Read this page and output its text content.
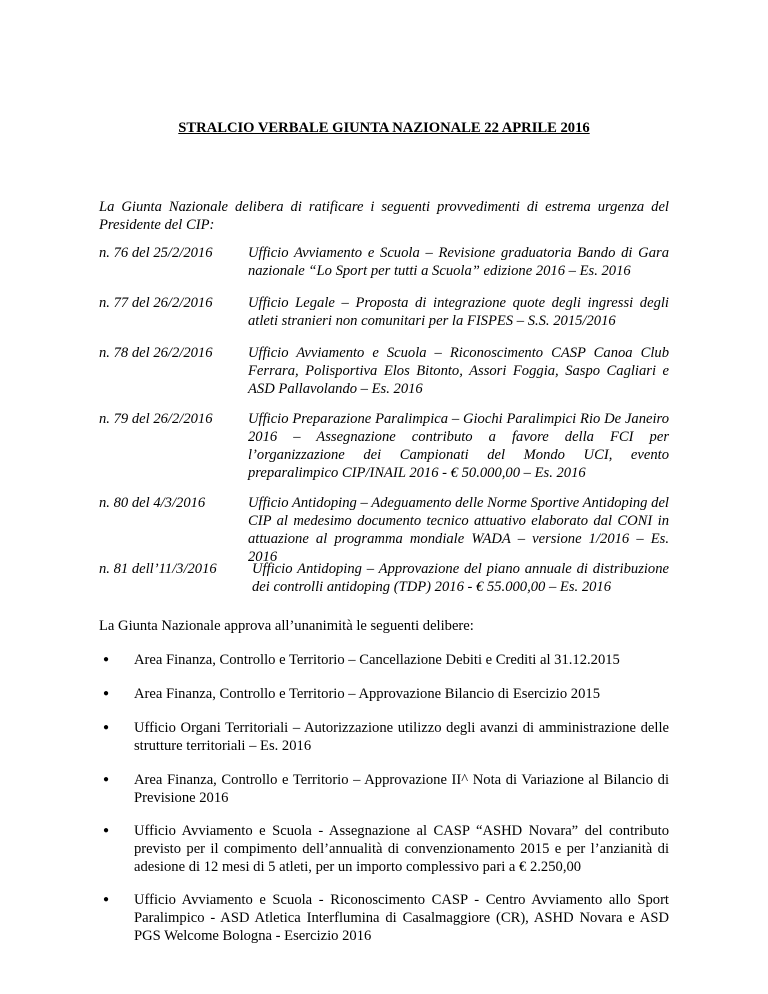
STRALCIO VERBALE GIUNTA NAZIONALE 22 APRILE 2016
La Giunta Nazionale delibera di ratificare i seguenti provvedimenti di estrema urgenza del Presidente del CIP:
n. 76 del 25/2/2016 Ufficio Avviamento e Scuola – Revisione graduatoria Bando di Gara nazionale “Lo Sport per tutti a Scuola” edizione 2016 – Es. 2016
n. 77 del 26/2/2016 Ufficio Legale – Proposta di integrazione quote degli ingressi degli atleti stranieri non comunitari per la FISPES – S.S. 2015/2016
n. 78 del 26/2/2016 Ufficio Avviamento e Scuola – Riconoscimento CASP Canoa Club Ferrara, Polisportiva Elos Bitonto, Assori Foggia, Saspo Cagliari e ASD Pallavolando – Es. 2016
n. 79 del 26/2/2016 Ufficio Preparazione Paralimpica – Giochi Paralimpici Rio De Janeiro 2016 – Assegnazione contributo a favore della FCI per l’organizzazione dei Campionati del Mondo UCI, evento preparalimpico CIP/INAIL 2016 - € 50.000,00 – Es. 2016
n. 80 del 4/3/2016	Ufficio Antidoping – Adeguamento delle Norme Sportive Antidoping del CIP al medesimo documento tecnico attuativo elaborato dal CONI in attuazione al programma mondiale WADA – versione 1/2016 – Es. 2016
n. 81 dell’11/3/2016 Ufficio Antidoping – Approvazione del piano annuale di distribuzione dei controlli antidoping (TDP) 2016 - € 55.000,00 – Es. 2016
La Giunta Nazionale approva all’unanimità le seguenti delibere:
● Area Finanza, Controllo e Territorio – Cancellazione Debiti e Crediti al 31.12.2015
● Area Finanza, Controllo e Territorio – Approvazione Bilancio di Esercizio 2015
● Ufficio Organi Territoriali – Autorizzazione utilizzo degli avanzi di amministrazione delle strutture territoriali – Es. 2016
● Area Finanza, Controllo e Territorio – Approvazione II^ Nota di Variazione al Bilancio di Previsione 2016
● Ufficio Avviamento e Scuola - Assegnazione al CASP “ASHD Novara” del contributo previsto per il compimento dell’annualità di convenzionamento 2015 e per l’anzianità di adesione di 12 mesi di 5 atleti, per un importo complessivo pari a € 2.250,00
● Ufficio Avviamento e Scuola - Riconoscimento CASP - Centro Avviamento allo Sport Paralimpico - ASD Atletica Interflumina di Casalmaggiore (CR), ASHD Novara e ASD PGS Welcome Bologna - Esercizio 2016
